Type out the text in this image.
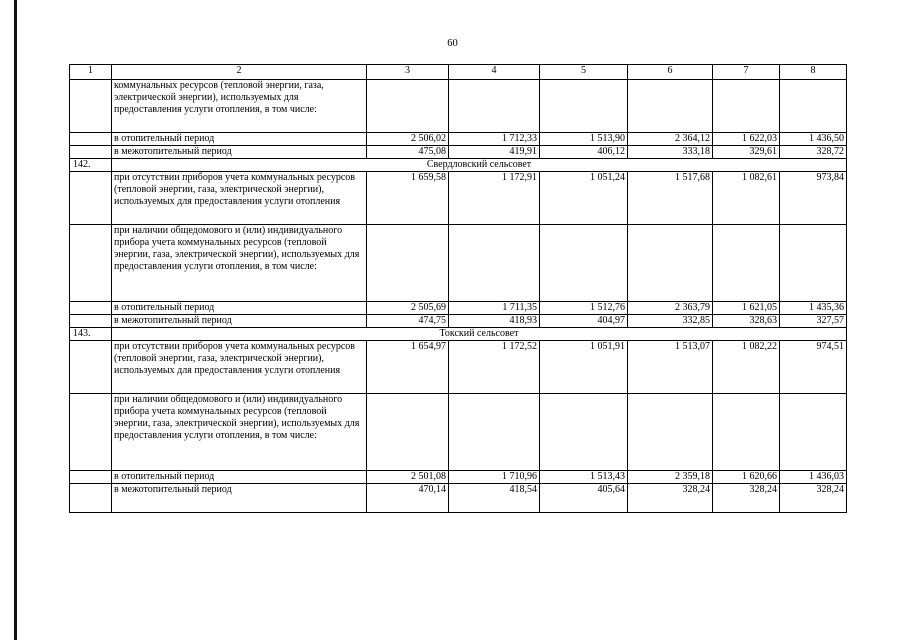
60
1	2	3	4	5	6	7	8
	коммунальных ресурсов (тепловой энергии, газа, электрической энергии), используемых для предоставления услуги отопления, в том числе:						
	в отопительный период	2 506,02	1 712,33	1 513,90	2 364,12	1 622,03	1 436,50
	в межотопительный период	475,08	419,91	406,12	333,18	329,61	328,72
142.	Свердловский сельсовет						
	при отсутствии приборов учета коммунальных ресурсов (тепловой энергии, газа, электрической энергии), используемых для предоставления услуги отопления	1 659,58	1 172,91	1 051,24	1 517,68	1 082,61	973,84
	при наличии общедомового и (или) индивидуального прибора учета коммунальных ресурсов (тепловой энергии, газа, электрической энергии), используемых для предоставления услуги отопления, в том числе:						
	в отопительный период	2 505,69	1 711,35	1 512,76	2 363,79	1 621,05	1 435,36
	в межотопительный период	474,75	418,93	404,97	332,85	328,63	327,57
143.	Токский сельсовет						
	при отсутствии приборов учета коммунальных ресурсов (тепловой энергии, газа, электрической энергии), используемых для предоставления услуги отопления	1 654,97	1 172,52	1 051,91	1 513,07	1 082,22	974,51
	при наличии общедомового и (или) индивидуального прибора учета коммунальных ресурсов (тепловой энергии, газа, электрической энергии), используемых для предоставления услуги отопления, в том числе:						
	в отопительный период	2 501,08	1 710,96	1 513,43	2 359,18	1 620,66	1 436,03
	в межотопительный период	470,14	418,54	405,64	328,24	328,24	328,24
